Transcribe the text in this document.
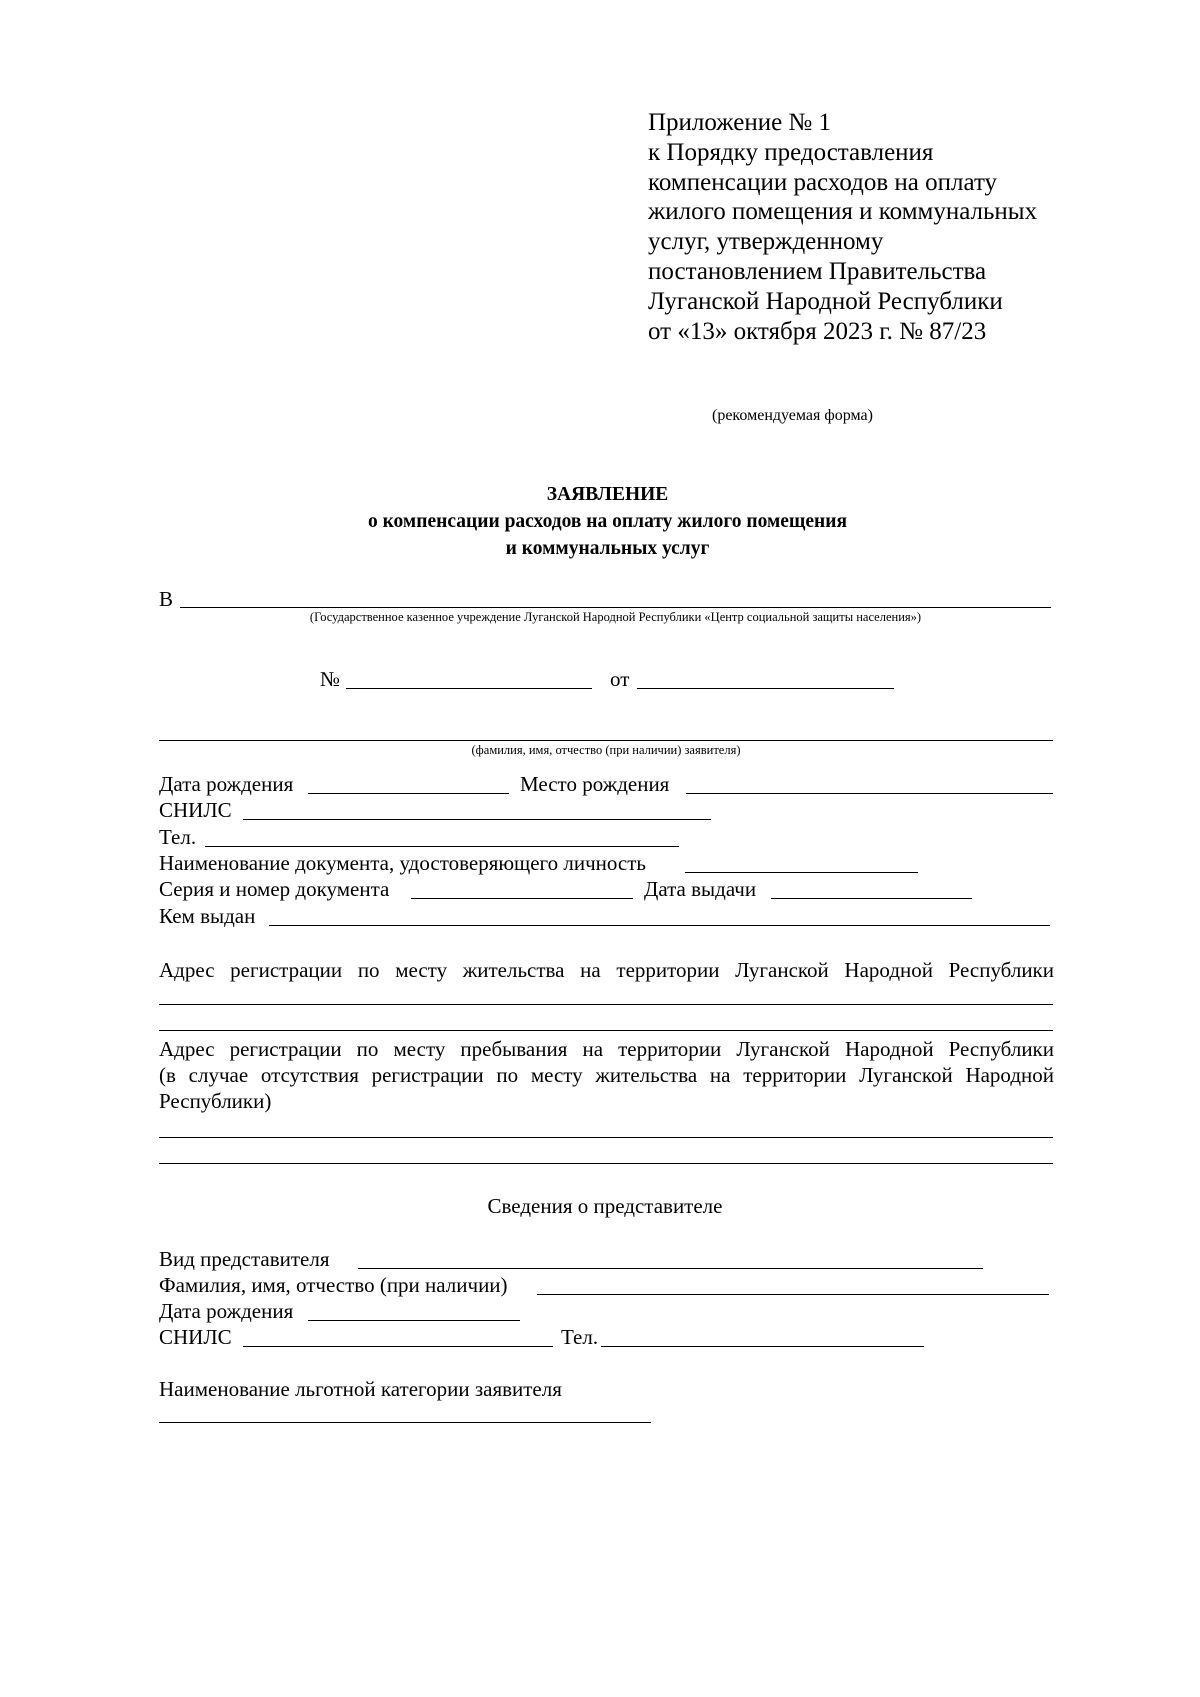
Приложение № 1
к Порядку предоставления
компенсации расходов на оплату
жилого помещения и коммунальных
услуг, утвержденному
постановлением Правительства
Луганской Народной Республики
от «13» октября 2023 г. № 87/23
(рекомендуемая форма)
ЗАЯВЛЕНИЕ
о компенсации расходов на оплату жилого помещения
и коммунальных услуг
В
(Государственное казенное учреждение Луганской Народной Республики «Центр социальной защиты населения»)
№	от
(фамилия, имя, отчество (при наличии) заявителя)
Дата рождения	Место рождения
СНИЛС
Тел.
Наименование документа, удостоверяющего личность
Серия и номер документа	Дата выдачи
Кем выдан
Адрес регистрации по месту жительства на территории Луганской Народной Республики
Адрес регистрации по месту пребывания на территории Луганской Народной Республики
(в случае отсутствия регистрации по месту жительства на территории Луганской Народной
Республики)
Сведения о представителе
Вид представителя
Фамилия, имя, отчество (при наличии)
Дата рождения
СНИЛС	Тел.
Наименование льготной категории заявителя
